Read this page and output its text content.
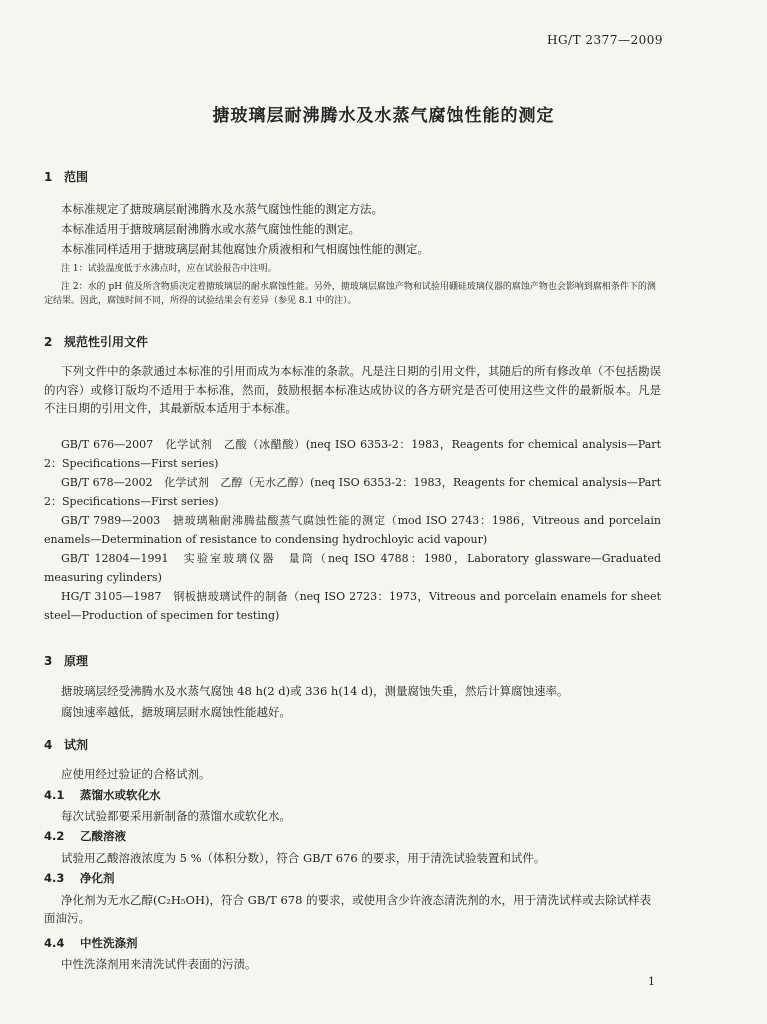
HG/T 2377—2009
搪玻璃层耐沸腾水及水蒸气腐蚀性能的测定
1 范围
本标准规定了搪玻璃层耐沸腾水及水蒸气腐蚀性能的测定方法。
本标准适用于搪玻璃层耐沸腾水或水蒸气腐蚀性能的测定。
本标准同样适用于搪玻璃层耐其他腐蚀介质液相和气相腐蚀性能的测定。
注 1：试验温度低于水沸点时，应在试验报告中注明。
注 2：水的 pH 值及所含物质决定着搪玻璃层的耐水腐蚀性能。另外，搪玻璃层腐蚀产物和试验用硼硅玻璃仪器的腐蚀产物也会影响到腐相条件下的测定结果。因此，腐蚀时间不同，所得的试验结果会有差异（参见 8.1 中的注）。
2 规范性引用文件
下列文件中的条款通过本标准的引用而成为本标准的条款。凡是注日期的引用文件，其随后的所有修改单（不包括勘误的内容）或修订版均不适用于本标准，然而，鼓励根据本标准达成协议的各方研究是否可使用这些文件的最新版本。凡是不注日期的引用文件，其最新版本适用于本标准。
GB/T 676—2007　化学试剂　乙酸（冰醋酸）(neq ISO 6353-2：1983，Reagents for chemical analysis—Part 2：Specifications—First series)
GB/T 678—2002　化学试剂　乙醇（无水乙醇）(neq ISO 6353-2：1983，Reagents for chemical analysis—Part 2：Specifications—First series)
GB/T 7989—2003　搪玻璃釉耐沸腾盐酸蒸气腐蚀性能的测定（mod ISO 2743：1986，Vitreous and porcelain enamels—Determination of resistance to condensing hydrochloyic acid vapour)
GB/T 12804—1991　实验室玻璃仪器　量筒（neq ISO 4788：1980，Laboratory glassware—Graduated measuring cylinders)
HG/T 3105—1987　钢板搪玻璃试件的制备（neq ISO 2723：1973，Vitreous and porcelain enamels for sheet steel—Production of specimen for testing)
3 原理
搪玻璃层经受沸腾水及水蒸气腐蚀 48 h(2 d)或 336 h(14 d)，测量腐蚀失重，然后计算腐蚀速率。
腐蚀速率越低，搪玻璃层耐水腐蚀性能越好。
4 试剂
应使用经过验证的合格试剂。
4.1 蒸馏水或软化水
每次试验都要采用新制备的蒸馏水或软化水。
4.2 乙酸溶液
试验用乙酸溶液浓度为 5 %（体积分数），符合 GB/T 676 的要求，用于清洗试验装置和试件。
4.3 净化剂
净化剂为无水乙醇(C₂H₅OH)，符合 GB/T 678 的要求，或使用含少许液态清洗剂的水，用于清洗试样或去除试样表面油污。
4.4 中性洗涤剂
中性洗涤剂用来清洗试件表面的污渍。
1
